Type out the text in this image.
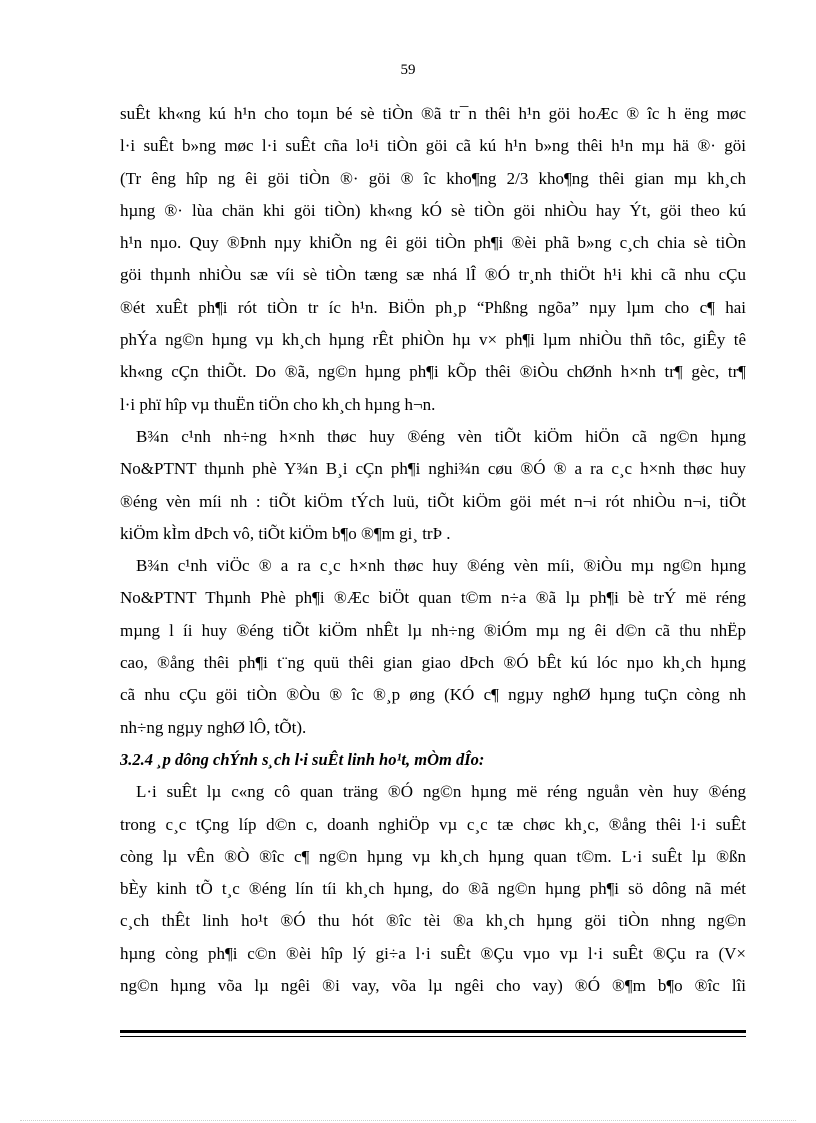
59
suÊt kh«ng kú h¹n cho toµn bé sè tiÒn ®ã tr¯n thêi h¹n göi hoÆc ® îc h ëng møc
l·i suÊt b»ng møc l·i suÊt cña lo¹i tiÒn göi cã kú h¹n b»ng thêi h¹n mµ hä ®· göi
(Tr êng hîp ng êi göi tiÒn ®· göi ® îc kho¶ng 2/3 kho¶ng thêi gian mµ kh¸ch
hµng ®· lùa chän khi göi tiÒn) kh«ng kÓ sè tiÒn göi nhiÒu hay Ýt, göi theo kú
h¹n nµo. Quy ®Þnh nµy khiÕn ng êi göi tiÒn ph¶i ®èi phã b»ng c¸ch chia sè tiÒn
göi thµnh nhiÒu sæ víi sè tiÒn tæng sæ nhá lÎ ®Ó tr¸nh thiÖt h¹i khi cã nhu cÇu
®ét xuÊt ph¶i rót tiÒn tr íc h¹n. BiÖn ph¸p “Phßng ngõa” nµy lµm cho c¶ hai
phÝa ng©n hµng vµ kh¸ch hµng rÊt phiÒn hµ v× ph¶i lµm nhiÒu thñ tôc, giÊy tê
kh«ng cÇn thiÕt. Do ®ã, ng©n hµng ph¶i kÕp thêi ®iÒu chØnh h×nh tr¶ gèc, tr¶
l·i phï hîp vµ thuËn tiÖn cho kh¸ch hµng h¬n.
B¾n c¹nh nh÷ng h×nh thøc huy ®éng vèn tiÕt kiÖm hiÖn cã ng©n hµng
No&PTNT thµnh phè Y¾n B¸i cÇn ph¶i nghi¾n cøu ®Ó ® a ra c¸c h×nh thøc huy
®éng vèn míi nh : tiÕt kiÖm tÝch luü, tiÕt kiÖm göi mét n¬i rót nhiÒu n¬i, tiÕt
kiÖm kÌm dÞch vô, tiÕt kiÖm b¶o ®¶m gi¸ trÞ .
B¾n c¹nh viÖc ® a ra c¸c h×nh thøc huy ®éng vèn míi, ®iÒu mµ ng©n hµng
No&PTNT Thµnh Phè ph¶i ®Æc biÖt quan t©m n÷a ®ã lµ ph¶i bè trÝ më réng
mµng l íi huy ®éng tiÕt kiÖm nhÊt lµ nh÷ng ®iÓm mµ ng êi d©n cã thu nhËp
cao, ®ång thêi ph¶i t¨ng quü thêi gian giao dÞch ®Ó bÊt kú lóc nµo kh¸ch hµng
cã nhu cÇu göi tiÒn ®Òu ® îc ®¸p øng (KÓ c¶ ngµy nghØ hµng tuÇn còng nh
nh÷ng ngµy nghØ lÔ, tÕt).
3.2.4 ¸p dông chÝnh s¸ch l·i suÊt linh ho¹t, mÒm dÎo:
L·i suÊt lµ c«ng cô quan träng ®Ó ng©n hµng më réng nguån vèn huy ®éng
trong c¸c tÇng líp d©n c, doanh nghiÖp vµ c¸c tæ chøc kh¸c, ®ång thêi l·i suÊt
còng lµ vÊn ®Ò ®îc c¶ ng©n hµng vµ kh¸ch hµng quan t©m. L·i suÊt lµ ®ßn
bÈy kinh tÕ t¸c ®éng lín tíi kh¸ch hµng, do ®ã ng©n hµng ph¶i sö dông nã mét
c¸ch thÊt linh ho¹t ®Ó thu hót ®îc tèi ®a kh¸ch hµng göi tiÒn nhng ng©n
hµng còng ph¶i c©n ®èi hîp lý gi÷a l·i suÊt ®Çu vµo vµ l·i suÊt ®Çu ra (V×
ng©n hµng võa lµ ngêi ®i vay, võa lµ ngêi cho vay) ®Ó ®¶m b¶o ®îc lîi
